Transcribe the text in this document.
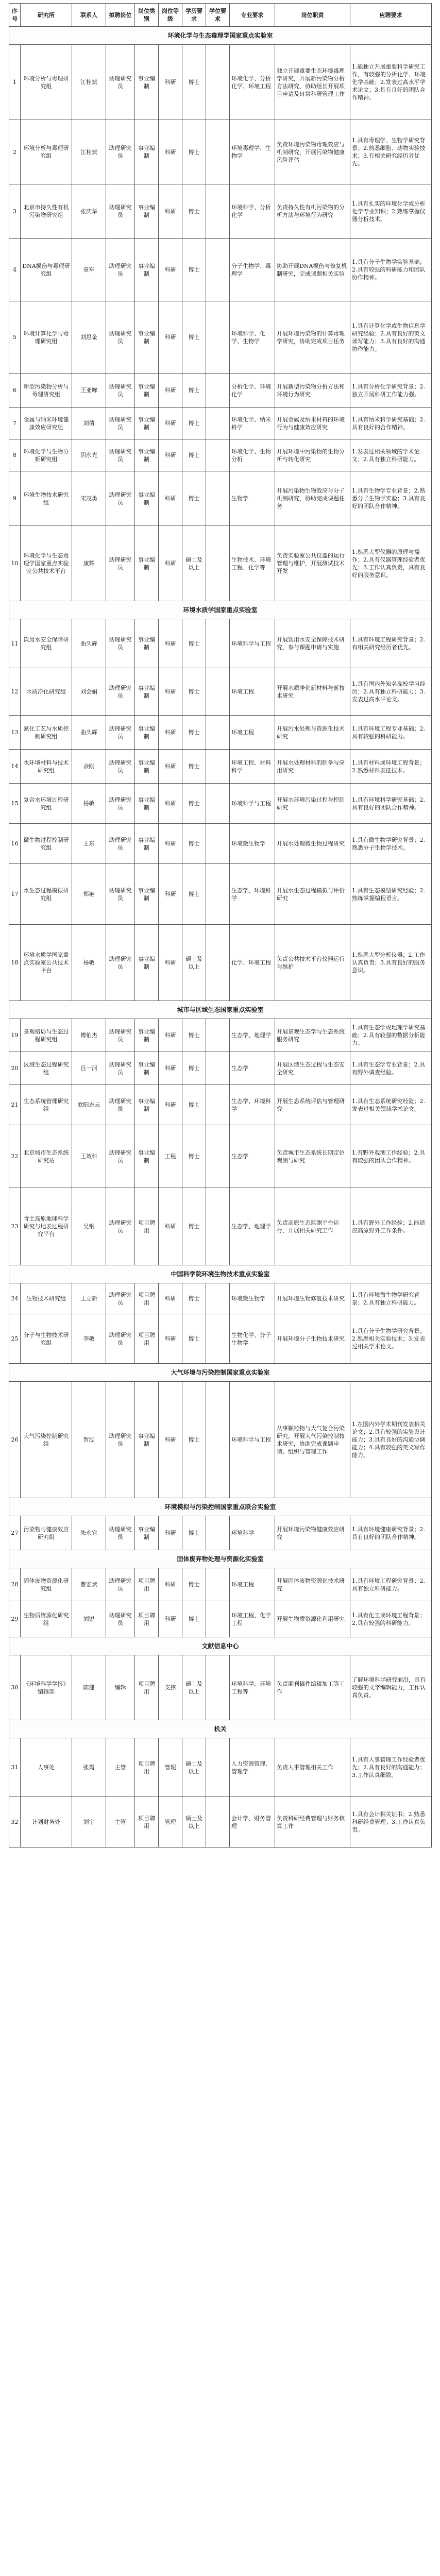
序号	研究所	联系人	拟聘岗位	岗位类别	岗位等级	学历要求	学位要求	专业要求	岗位职责	应聘要求
环境化学与生态毒理学国家重点实验室										
1	环境分析与毒理研究组	江桂斌	助理研究员	事业编制	科研	博士		环境化学、分析化学、环境工程	独立开展重要生态环境毒理学研究，开展新污染物分析方法研究，协助组长开展项目申请及日常科研管理工作	1.能独立开展重要科学研究工作，有较强的分析化学、环境化学基础；2.发表过高水平学术论文；3.具有良好的团队合作精神。
2	环境分析与毒理研究组	江桂斌	助理研究员	事业编制	科研	博士		环境毒理学、生物学	负责环境污染物毒理效应与机制研究，开展污染物健康风险评估	1.具有毒理学、生物学研究背景；2.熟悉细胞、动物实验技术；3.有相关研究经历者优先。
3	北京市持久性有机污染物研究组	张庆华	助理研究员	事业编制	科研	博士		环境科学、分析化学	负责持久性有机污染物的分析方法与环境行为研究	1.具有扎实的环境化学或分析化学专业知识；2.熟练掌握仪器分析技术。
4	DNA损伤与毒理研究组	章军	助理研究员	事业编制	科研	博士		分子生物学、毒理学	协助开展DNA损伤与修复机制研究，完成课题相关实验	1.具有分子生物学实验基础；2.具有较强的科研能力和团队协作精神。
5	环境计算化学与毒理研究组	刘思金	助理研究员	事业编制	科研	博士		环境科学、化学、生物学	开展环境污染物的计算毒理学研究，协助完成项目任务	1.具有计算化学或生物信息学研究经验；2.具有良好的英文读写能力；3.具有良好的沟通协作能力。
6	新型污染物分析与毒理研究组	王亚韡	助理研究员	事业编制	科研	博士		分析化学、环境化学	开展新型污染物分析方法和环境行为研究	1.具有分析化学研究背景；2.独立开展科研工作能力强。
7	金属与纳米环境健康效应研究组	刘倩	助理研究员	事业编制	科研	博士		环境化学、纳米科学	开展金属及纳米材料的环境行为与健康效应研究	1.具有纳米科学研究基础；2.具有良好的合作精神。
8	环境化学与生物分析研究组	阴永光	助理研究员	事业编制	科研	博士		环境化学、生物分析	开展环境中污染物的生物分析与转化研究	1.发表过相关领域的学术论文；2.具有独立科研能力。
9	环境生物技术研究组	宋茂勇	助理研究员	事业编制	科研	博士		生物学	开展污染物生物效应与分子机制研究，协助完成课题任务	1.具有生物学专业背景；2.熟悉分子生物学实验；3.具有良好的团队合作精神。
10	环境化学与生态毒理学国家重点实验室公共技术平台	康辉	助理研究员	事业编制	科研	硕士及以上		生物技术、环境工程、化学等	负责实验室公共仪器的运行管理与维护，开展测试技术开发	1.熟悉大型仪器的原理与操作；2.具有仪器管理经验者优先；3.工作认真负责，具有良好的服务意识。
环境水质学国家重点实验室										
11	饮用水安全保障研究组	曲久辉	助理研究员	事业编制	科研	博士		环境科学与工程	开展饮用水安全保障技术研究，参与课题申请与实施	1.具有环境工程研究背景；2.有相关研究经历者优先。
12	水质净化研究组	刘会娟	助理研究员	事业编制	科研	博士		环境工程	开展水质净化新材料与新技术研究	1.具有国内外知名高校学习经历；2.具有独立科研能力；3.发表过高水平论文。
13	氮化工艺与水质控制研究组	曲久辉	助理研究员	事业编制	科研	博士		环境工程	开展污水处理与资源化技术研究	1.具有环境工程专业基础；2.具有较强的科研能力。
14	水环境材料与技术研究组	余刚	助理研究员	事业编制	科研	博士		环境工程、材料科学	开展水处理材料的制备与应用研究	1.具有材料或环境工程背景；2.熟悉材料表征技术。
15	复合水环境过程研究组	杨敏	助理研究员	事业编制	科研	博士		环境科学与工程	开展水环境污染过程与控制研究	1.具有环境科学研究基础；2.具有良好的团队合作精神。
16	微生物过程控制研究组	王东	助理研究员	事业编制	科研	博士		环境微生物学	开展水处理微生物过程研究	1.具有微生物学研究背景；2.熟悉分子生物学技术。
17	水生态过程模拟研究组	郑艳	助理研究员	事业编制	科研	博士		生态学、环境科学	开展水生态过程模拟与评价研究	1.具有生态模型研究经验；2.熟练掌握编程语言。
18	环境水质学国家重点实验室公共技术平台	杨敏	助理研究员	事业编制	科研	硕士及以上		化学、环境工程	负责公共技术平台仪器运行与维护	1.熟悉大型分析仪器；2.工作认真负责；3.具有良好的服务意识。
城市与区域生态国家重点实验室										
19	景观格局与生态过程研究组	傅伯杰	助理研究员	事业编制	科研	博士		生态学、地理学	开展景观生态学与生态系统服务研究	1.具有生态学或地理学研究基础；2.具有较强的数据分析能力。
20	区域生态过程研究组	吕一河	助理研究员	事业编制	科研	博士		生态学	开展区域生态过程与生态安全研究	1.具有生态学专业背景；2.具有野外调查经验。
21	生态系统管理研究组	欧阳志云	助理研究员	事业编制	科研	博士		生态学、环境科学	开展生态系统评估与管理研究	1.具有生态系统研究经验；2.发表过相关领域学术论文。
22	北京城市生态系统研究站	王效科	助理研究员	事业编制	工程	博士		生态学	负责城市生态系统长期定位观测与研究	1.有野外观测工作经验；2.具有较强的团队合作精神。
23	青土高原地球科学研究与地表过程研究平台	吴钢	助理研究员	项目聘用	科研	博士		生态学、地理学	负责高原生态监测平台运行，开展相关研究工作	1.具有野外工作经验；2.能适应高原野外工作条件。
中国科学院环境生物技术重点实验室										
24	生物技术研究组	王立新	助理研究员	项目聘用	科研	博士		环境微生物学	开展环境生物修复技术研究	1.具有环境微生物学研究背景；2.具有独立科研能力。
25	分子与生物技术研究组	李敏	助理研究员	项目聘用	科研	博士		生物化学、分子生物学	开展环境分子生物技术研究	1.具有分子生物学研究背景；2.熟悉相关实验技术；3.发表过相关学术论文。
大气环境与污染控制国家重点实验室										
26	大气污染控制研究组	贺泓	助理研究员	事业编制	科研	博士		环境科学与工程	从事颗粒物与大气复合污染研究，开展大气污染控制技术研究，协助完成课题申请、组织与管理工作	1.在国内外学术期刊发表相关论文；2.具有较强的实验设计能力；3.具有良好的沟通协调能力；4.具有较强的英文写作能力。
环境模拟与污染控制国家重点联合实验室										
27	污染物与健康效应研究组	朱永官	助理研究员	事业编制	科研	博士		环境科学	开展环境污染物健康效应研究	1.具有环境健康研究背景；2.具有良好的团队合作精神。
固体废弃物处理与资源化实验室										
28	固体废物资源化研究组	曹宏斌	助理研究员	项目聘用	科研	博士		环境工程	开展固体废物资源化技术研究	1.具有环境工程研究背景；2.具有独立科研能力。
29	生物质资源化研究组	刘锐	助理研究员	项目聘用	科研	博士		环境工程、化学工程	开展生物质资源化利用研究	1.具有化工或环境工程背景；2.具有较强的科研能力。
文献信息中心										
30	《环境科学学报》编辑部	陈健	编辑	项目聘用	支撑	硕士及以上		环境科学、环境工程等	负责期刊稿件编辑加工等工作	了解环境科学研究前沿，具有较强的文字编辑能力，工作认真负责。
机关										
31	人事处	张霞	主管	项目聘用	管理	硕士及以上		人力资源管理、管理学	负责人事管理相关工作	1.具有人事管理工作经验者优先；2.具有良好的沟通能力；3.工作认真细致。
32	计划财务处	刘宇	主管	项目聘用	管理	硕士及以上		会计学、财务管理	负责科研经费管理与财务核算工作	1.具有会计相关证书；2.熟悉科研经费管理；3.工作认真负责。
